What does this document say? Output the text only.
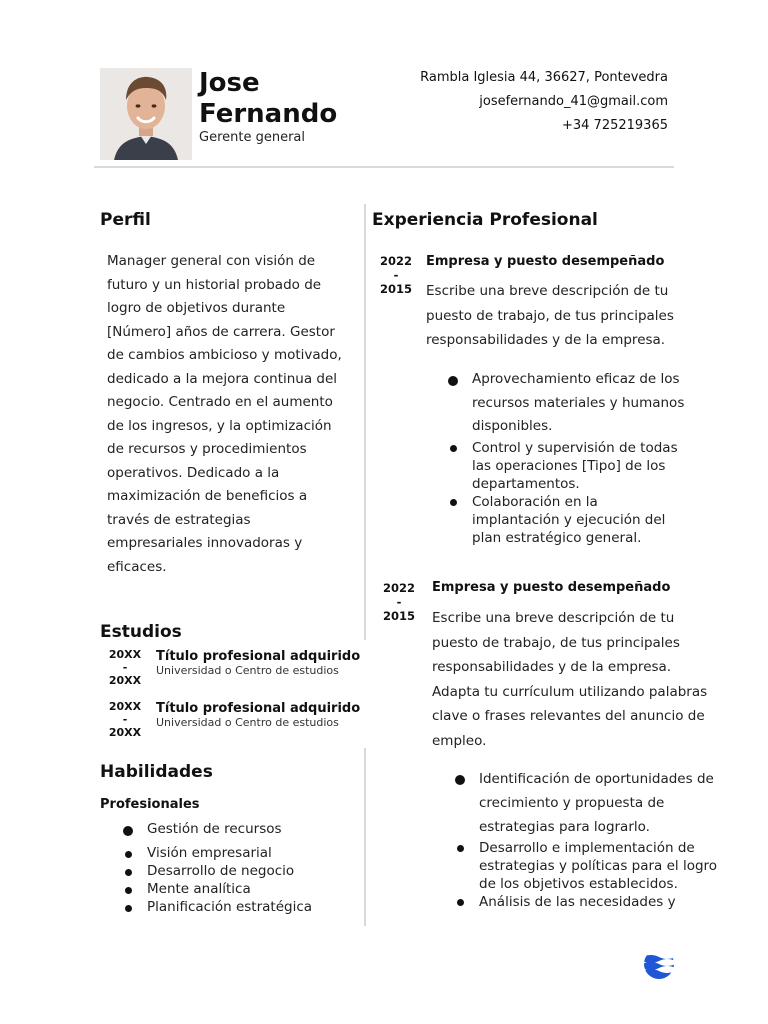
Jose
Fernando
Gerente general
Rambla Iglesia 44, 36627, Pontevedra
josefernando_41@gmail.com
+34 725219365
Perfil
Manager general con visión de
futuro y un historial probado de
logro de objetivos durante
[Número] años de carrera. Gestor
de cambios ambicioso y motivado,
dedicado a la mejora continua del
negocio. Centrado en el aumento
de los ingresos, y la optimización
de recursos y procedimientos
operativos. Dedicado a la
maximización de beneficios a
través de estrategias
empresariales innovadoras y
eficaces.
Estudios
20XX
-
20XX
Título profesional adquirido
Universidad o Centro de estudios
20XX
-
20XX
Título profesional adquirido
Universidad o Centro de estudios
Habilidades
Profesionales
Gestión de recursos
Visión empresarial
Desarrollo de negocio
Mente analítica
Planificación estratégica
Experiencia Profesional
2022
-
2015
Empresa y puesto desempeñado
Escribe una breve descripción de tu
puesto de trabajo, de tus principales
responsabilidades y de la empresa.
Aprovechamiento eficaz de los
recursos materiales y humanos
disponibles.
Control y supervisión de todas
las operaciones [Tipo] de los
departamentos.
Colaboración en la
implantación y ejecución del
plan estratégico general.
2022
-
2015
Empresa y puesto desempeñado
Escribe una breve descripción de tu
puesto de trabajo, de tus principales
responsabilidades y de la empresa.
Adapta tu currículum utilizando palabras
clave o frases relevantes del anuncio de
empleo.
Identificación de oportunidades de
crecimiento y propuesta de
estrategias para lograrlo.
Desarrollo e implementación de
estrategias y políticas para el logro
de los objetivos establecidos.
Análisis de las necesidades y
